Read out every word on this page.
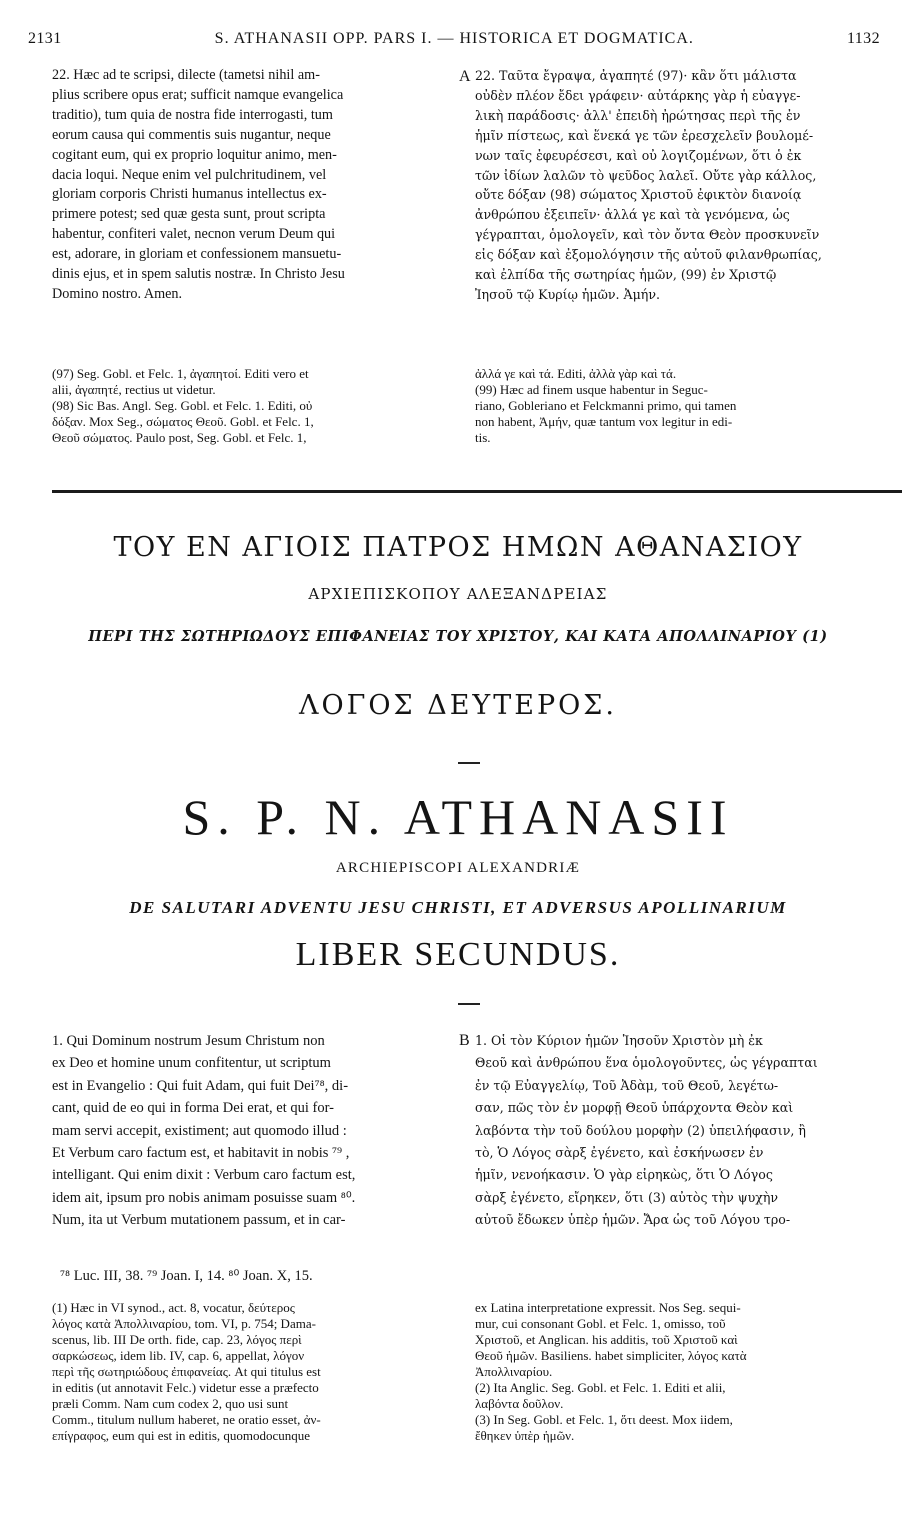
2131	S. ATHANASII OPP. PARS I. — HISTORICA ET DOGMATICA.	1132
22. Hæc ad te scripsi, dilecte (tametsi nihil am-
plius scribere opus erat; sufficit namque evangelica
traditio), tum quia de nostra fide interrogasti, tum
eorum causa qui commentis suis nugantur, neque
cogitant eum, qui ex proprio loquitur animo, men-
dacia loqui. Neque enim vel pulchritudinem, vel
gloriam corporis Christi humanus intellectus ex-
primere potest; sed quæ gesta sunt, prout scripta
habentur, confiteri valet, necnon verum Deum qui
est, adorare, in gloriam et confessionem mansuetu-
dinis ejus, et in spem salutis nostræ. In Christo Jesu
Domino nostro. Amen.
A 22. Ταῦτα ἔγραψα, ἀγαπητέ (97)· κἂν ὅτι μάλιστα
οὐδὲν πλέον ἔδει γράφειν· αὐτάρκης γὰρ ἡ εὐαγγε-
λικὴ παράδοσις· ἀλλ' ἐπειδὴ ἠρώτησας περὶ τῆς ἐν
ἡμῖν πίστεως, καὶ ἕνεκά γε τῶν ἐρεσχελεῖν βουλομέ-
νων ταῖς ἐφευρέσεσι, καὶ οὐ λογιζομένων, ὅτι ὁ ἐκ
τῶν ἰδίων λαλῶν τὸ ψεῦδος λαλεῖ. Οὔτε γὰρ κάλλος,
οὔτε δόξαν (98) σώματος Χριστοῦ ἐφικτὸν διανοίᾳ
ἀνθρώπου ἐξειπεῖν· ἀλλά γε καὶ τὰ γενόμενα, ὡς
γέγραπται, ὁμολογεῖν, καὶ τὸν ὄντα Θεὸν προσκυνεῖν
εἰς δόξαν καὶ ἐξομολόγησιν τῆς αὐτοῦ φιλανθρωπίας,
καὶ ἐλπίδα τῆς σωτηρίας ἡμῶν, (99) ἐν Χριστῷ
Ἰησοῦ τῷ Κυρίῳ ἡμῶν. Ἀμήν.
(97) Seg. Gobl. et Felc. 1, ἀγαπητοί. Editi vero et
alii, ἀγαπητέ, rectius ut videtur.
(98) Sic Bas. Angl. Seg. Gobl. et Felc. 1. Editi, οὐ
δόξαν. Mox Seg., σώματος Θεοῦ. Gobl. et Felc. 1,
Θεοῦ σώματος. Paulo post, Seg. Gobl. et Felc. 1,
ἀλλά γε καὶ τά. Editi, ἀλλὰ γὰρ καὶ τά.
(99) Hæc ad finem usque habentur in Seguc-
riano, Gobleriano et Felckmanni primo, qui tamen
non habent, Ἀμήν, quæ tantum vox legitur in edi-
tis.
ΤΟΥ ΕΝ ΑΓΙΟΙΣ ΠΑΤΡΟΣ ΗΜΩΝ ΑΘΑΝΑΣΙΟΥ
ΑΡΧΙΕΠΙΣΚΟΠΟΥ ΑΛΕΞΑΝΔΡΕΙΑΣ
ΠΕΡΙ ΤΗΣ ΣΩΤΗΡΙΩΔΟΥΣ ΕΠΙΦΑΝΕΙΑΣ ΤΟΥ ΧΡΙΣΤΟΥ, ΚΑΙ ΚΑΤΑ ΑΠΟΛΛΙΝΑΡΙΟΥ (1)
ΛΟΓΟΣ ΔΕΥΤΕΡΟΣ.
S. P. N. ATHANASII
ARCHIEPISCOPI ALEXANDRIÆ
DE SALUTARI ADVENTU JESU CHRISTI, ET ADVERSUS APOLLINARIUM
LIBER SECUNDUS.
1. Qui Dominum nostrum Jesum Christum non
ex Deo et homine unum confitentur, ut scriptum
est in Evangelio : Qui fuit Adam, qui fuit Dei⁷⁸, di-
cant, quid de eo qui in forma Dei erat, et qui for-
mam servi accepit, existiment; aut quomodo illud :
Et Verbum caro factum est, et habitavit in nobis ⁷⁹ ,
intelligant. Qui enim dixit : Verbum caro factum est,
idem ait, ipsum pro nobis animam posuisse suam ⁸⁰.
Num, ita ut Verbum mutationem passum, et in car-
B 1. Οἱ τὸν Κύριον ἡμῶν Ἰησοῦν Χριστὸν μὴ ἐκ
Θεοῦ καὶ ἀνθρώπου ἕνα ὁμολογοῦντες, ὡς γέγραπται
ἐν τῷ Εὐαγγελίῳ, Τοῦ Ἀδὰμ, τοῦ Θεοῦ, λεγέτω-
σαν, πῶς τὸν ἐν μορφῇ Θεοῦ ὑπάρχοντα Θεὸν καὶ
λαβόντα τὴν τοῦ δούλου μορφὴν (2) ὑπειλήφασιν, ἢ
τὸ, Ὁ Λόγος σὰρξ ἐγένετο, καὶ ἐσκήνωσεν ἐν
ἡμῖν, νενοήκασιν. Ὁ γὰρ εἰρηκὼς, ὅτι Ὁ Λόγος
σὰρξ ἐγένετο, εἴρηκεν, ὅτι (3) αὐτὸς τὴν ψυχὴν
αὐτοῦ ἔδωκεν ὑπὲρ ἡμῶν. Ἄρα ὡς τοῦ Λόγου τρο-
⁷⁸ Luc. III, 38. ⁷⁹ Joan. I, 14. ⁸⁰ Joan. X, 15.
(1) Hæc in VI synod., act. 8, vocatur, δεύτερος
λόγος κατὰ Ἀπολλιναρίου, tom. VI, p. 754; Dama-
scenus, lib. III De orth. fide, cap. 23, λόγος περὶ
σαρκώσεως, idem lib. IV, cap. 6, appellat, λόγον
περὶ τῆς σωτηριώδους ἐπιφανείας. At qui titulus est
in editis (ut annotavit Felc.) videtur esse a præfecto
præli Comm. Nam cum codex 2, quo usi sunt
Comm., titulum nullum haberet, ne oratio esset, ἀν-
επίγραφος, eum qui est in editis, quomodocunque
ex Latina interpretatione expressit. Nos Seg. sequi-
mur, cui consonant Gobl. et Felc. 1, omisso, τοῦ
Χριστοῦ, et Anglican. his additis, τοῦ Χριστοῦ καὶ
Θεοῦ ἡμῶν. Basiliens. habet simpliciter, λόγος κατὰ
Ἀπολλιναρίου.
(2) Ita Anglic. Seg. Gobl. et Felc. 1. Editi et alii,
λαβόντα δοῦλον.
(3) In Seg. Gobl. et Felc. 1, ὅτι deest. Mox iidem,
ἔθηκεν ὑπὲρ ἡμῶν.
